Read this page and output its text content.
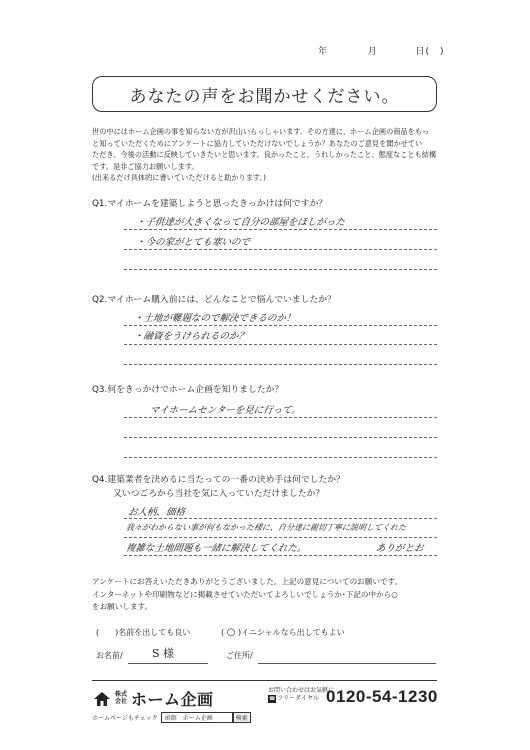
年	月	日(　)
あなたの声をお聞かせください。

世の中にはホーム企画の事を知らない方が沢山いらっしゃいます。その方達に、ホーム企画の商品をもっ

と知っていただくためにアンケートに協力していただけないでしょうか？あなたのご意見を聞かせてい

ただき、今後の活動に反映していきたいと思います。良かったこと、うれしかったこと、態度なことも結構

です。是非ご協力お願いします。

(出来るだけ具体的に書いていただけると助かります。)

Q1.マイホームを建築しようと思ったきっかけは何ですか？
・子供達が大きくなって自分の部屋をほしがった
・今の家がとても寒いので
Q2.マイホーム購入前には、どんなことで悩んでいましたか？
・土地が難題なので解決できるのか！
・融資をうけられるのか？
Q3.何をきっかけでホーム企画を知りましたか？
マイホームセンターを見に行って。
Q4.建築業者を決めるに当たっての一番の決め手は何でしたか？
又いつごろから当社を気に入っていただけましたか？
お人柄、価格
我々がわからない事が何もなかった様に、自分達に親切丁寧に説明してくれた
複雑な土地問題も一緒に解決してくれた。	ありがとお
アンケートにお答えいただきありがとうございました。上記の意見についてのお願いです。
インターネットや印刷物などに掲載させていただいてよろしいでしょうか･下記の中から○
をお願いします。
(　　)名前を出しても良い	( ○ )イニシャルなら出してもよい
お名前/	S 様	ご住所/
株式会社 ホーム企画	お問い合わせはお気軽に
☎ フリーダイヤル 0120-54-1230
ホームページもチェック	函館　ホーム企画	検索
